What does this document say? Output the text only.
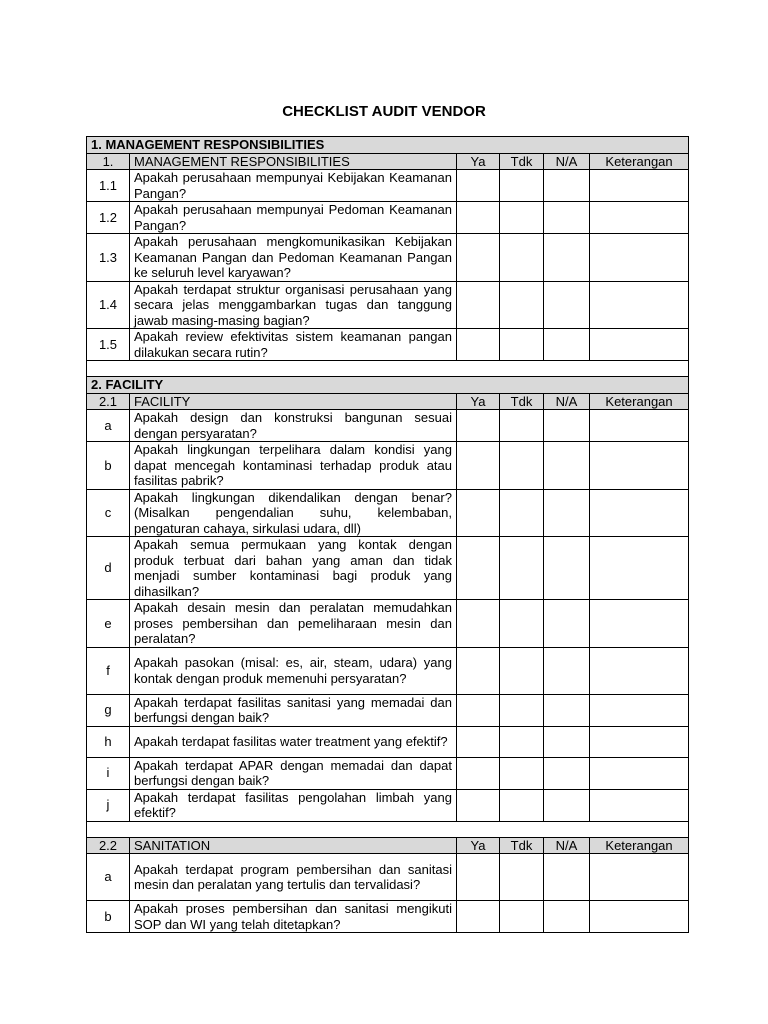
CHECKLIST AUDIT VENDOR
1. MANAGEMENT RESPONSIBILITIES					
1.	MANAGEMENT RESPONSIBILITIES	Ya	Tdk	N/A	Keterangan
1.1	Apakah perusahaan mempunyai Kebijakan Keamanan Pangan?				
1.2	Apakah perusahaan mempunyai Pedoman Keamanan Pangan?				
1.3	Apakah perusahaan mengkomunikasikan Kebijakan Keamanan Pangan dan Pedoman Keamanan Pangan ke seluruh level karyawan?				
1.4	Apakah terdapat struktur organisasi perusahaan yang secara jelas menggambarkan tugas dan tanggung jawab masing-masing bagian?				
1.5	Apakah review efektivitas sistem keamanan pangan dilakukan secara rutin?				

2. FACILITY					
2.1	FACILITY	Ya	Tdk	N/A	Keterangan
a	Apakah design dan konstruksi bangunan sesuai dengan persyaratan?				
b	Apakah lingkungan terpelihara dalam kondisi yang dapat mencegah kontaminasi terhadap produk atau fasilitas pabrik?				
c	Apakah lingkungan dikendalikan dengan benar? (Misalkan pengendalian suhu, kelembaban, pengaturan cahaya, sirkulasi udara, dll)				
d	Apakah semua permukaan yang kontak dengan produk terbuat dari bahan yang aman dan tidak menjadi sumber kontaminasi bagi produk yang dihasilkan?				
e	Apakah desain mesin dan peralatan memudahkan proses pembersihan dan pemeliharaan mesin dan peralatan?				
f	Apakah pasokan (misal: es, air, steam, udara) yang kontak dengan produk memenuhi persyaratan?				
g	Apakah terdapat fasilitas sanitasi yang memadai dan berfungsi dengan baik?				
h	Apakah terdapat fasilitas water treatment yang efektif?				
i	Apakah terdapat APAR dengan memadai dan dapat berfungsi dengan baik?				
j	Apakah terdapat fasilitas pengolahan limbah yang efektif?				

2.2	SANITATION	Ya	Tdk	N/A	Keterangan
a	Apakah terdapat program pembersihan dan sanitasi mesin dan peralatan yang tertulis dan tervalidasi?				
b	Apakah proses pembersihan dan sanitasi mengikuti SOP dan WI yang telah ditetapkan?				
